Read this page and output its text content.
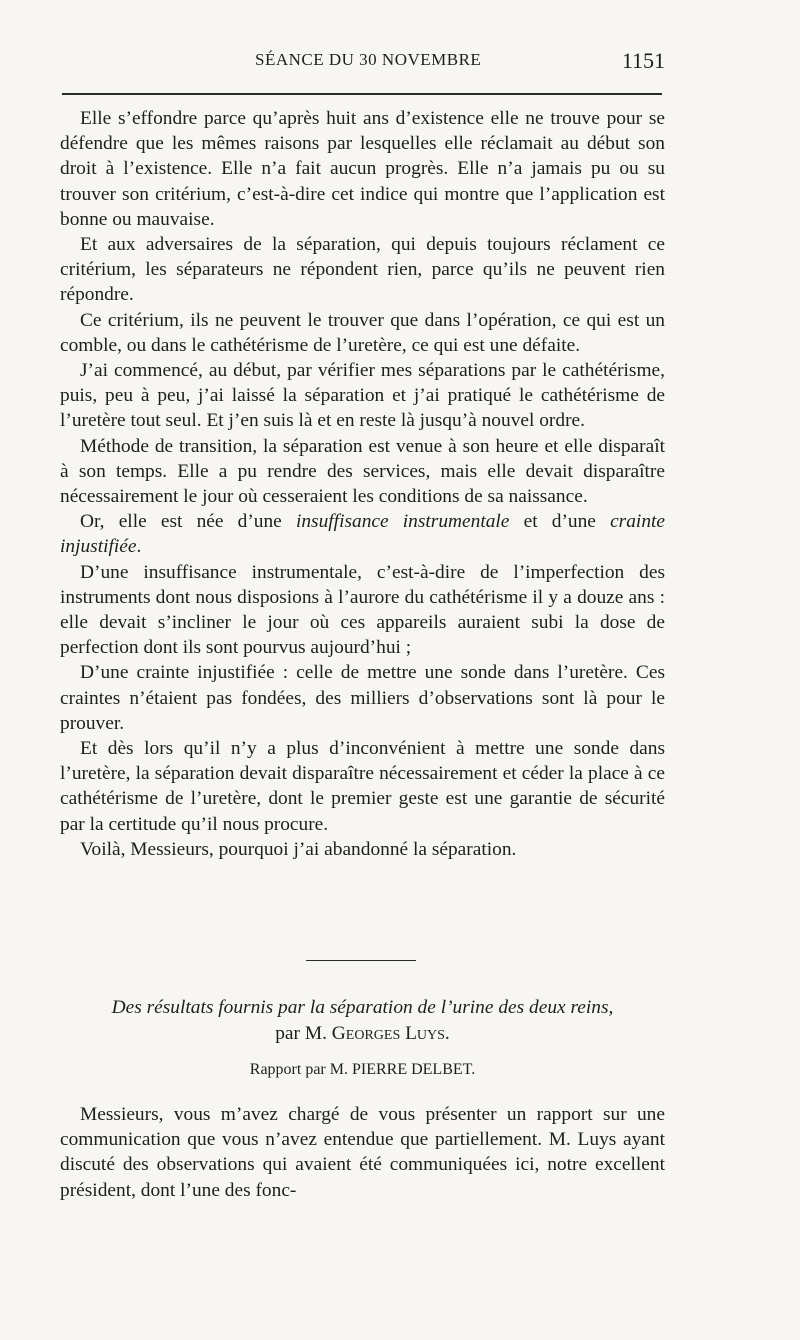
SÉANCE DU 30 NOVEMBRE	1151

Elle s’effondre parce qu’après huit ans d’existence elle ne trouve pour se défendre que les mêmes raisons par lesquelles elle réclamait au début son droit à l’existence. Elle n’a fait aucun progrès. Elle n’a jamais pu ou su trouver son critérium, c’est-à-dire cet indice qui montre que l’application est bonne ou mauvaise.

Et aux adversaires de la séparation, qui depuis toujours réclament ce critérium, les séparateurs ne répondent rien, parce qu’ils ne peuvent rien répondre.

Ce critérium, ils ne peuvent le trouver que dans l’opération, ce qui est un comble, ou dans le cathétérisme de l’uretère, ce qui est une défaite.

J’ai commencé, au début, par vérifier mes séparations par le cathétérisme, puis, peu à peu, j’ai laissé la séparation et j’ai pratiqué le cathétérisme de l’uretère tout seul. Et j’en suis là et en reste là jusqu’à nouvel ordre.

Méthode de transition, la séparation est venue à son heure et elle disparaît à son temps. Elle a pu rendre des services, mais elle devait disparaître nécessairement le jour où cesseraient les conditions de sa naissance.

Or, elle est née d’une insuffisance instrumentale et d’une crainte injustifiée.

D’une insuffisance instrumentale, c’est-à-dire de l’imperfection des instruments dont nous disposions à l’aurore du cathétérisme il y a douze ans : elle devait s’incliner le jour où ces appareils auraient subi la dose de perfection dont ils sont pourvus aujourd’hui ;

D’une crainte injustifiée : celle de mettre une sonde dans l’uretère. Ces craintes n’étaient pas fondées, des milliers d’observations sont là pour le prouver.

Et dès lors qu’il n’y a plus d’inconvénient à mettre une sonde dans l’uretère, la séparation devait disparaître nécessairement et céder la place à ce cathétérisme de l’uretère, dont le premier geste est une garantie de sécurité par la certitude qu’il nous procure.

Voilà, Messieurs, pourquoi j’ai abandonné la séparation.

Des résultats fournis par la séparation de l’urine des deux reins,
par M. Georges Luys.
Rapport par M. PIERRE DELBET.

Messieurs, vous m’avez chargé de vous présenter un rapport sur une communication que vous n’avez entendue que partiellement. M. Luys ayant discuté des observations qui avaient été communiquées ici, notre excellent président, dont l’une des fonc-
